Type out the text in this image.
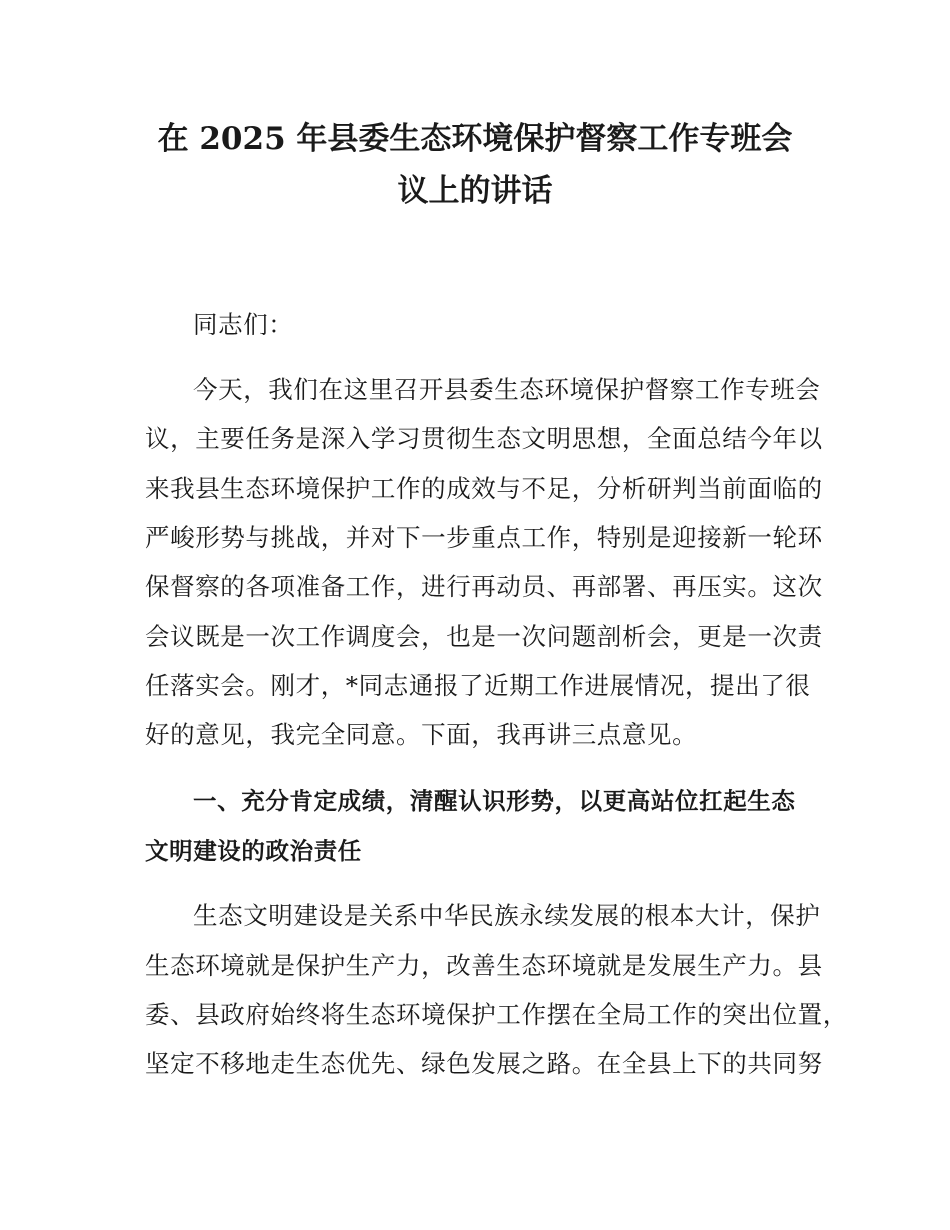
在 2025 年县委生态环境保护督察工作专班会
议上的讲话
同志们：
今天，我们在这里召开县委生态环境保护督察工作专班会
议，主要任务是深入学习贯彻生态文明思想，全面总结今年以
来我县生态环境保护工作的成效与不足，分析研判当前面临的
严峻形势与挑战，并对下一步重点工作，特别是迎接新一轮环
保督察的各项准备工作，进行再动员、再部署、再压实。这次
会议既是一次工作调度会，也是一次问题剖析会，更是一次责
任落实会。刚才，*同志通报了近期工作进展情况，提出了很
好的意见，我完全同意。下面，我再讲三点意见。
一、充分肯定成绩，清醒认识形势，以更高站位扛起生态
文明建设的政治责任
生态文明建设是关系中华民族永续发展的根本大计，保护
生态环境就是保护生产力，改善生态环境就是发展生产力。县
委、县政府始终将生态环境保护工作摆在全局工作的突出位置，
坚定不移地走生态优先、绿色发展之路。在全县上下的共同努
